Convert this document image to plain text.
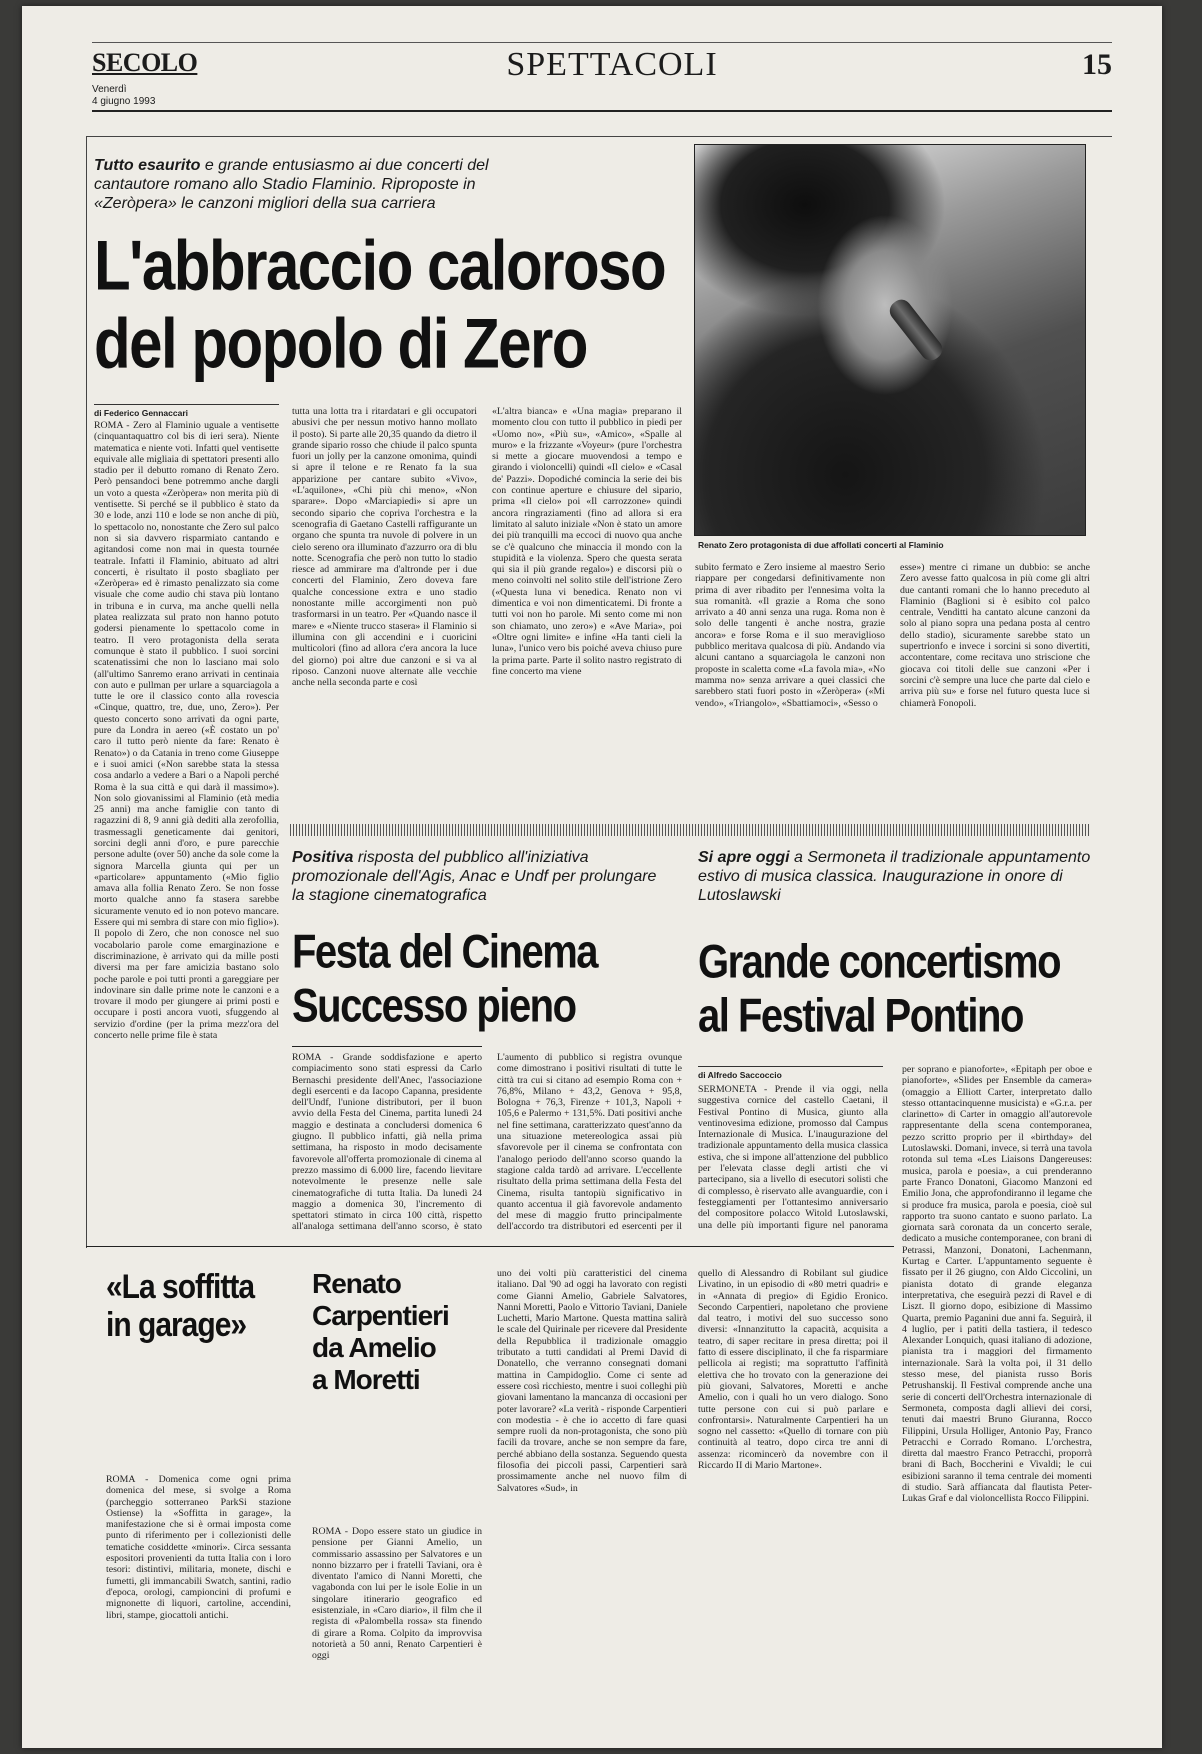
SECOLO
Venerdì
4 giugno 1993
SPETTACOLI	15
Tutto esaurito e grande entusiasmo ai due concerti del cantautore romano allo Stadio Flaminio. Riproposte in «Zeròpera» le canzoni migliori della sua carriera
L'abbraccio caloroso
del popolo di Zero
Renato Zero protagonista di due affollati concerti al Flaminio
di Federico Gennaccari
ROMA - Zero al Flaminio uguale a ventisette (cinquantaquattro col bis di ieri sera). Niente matematica e niente voti. Infatti quel ventisette equivale alle migliaia di spettatori presenti allo stadio per il debutto romano di Renato Zero. Però pensandoci bene potremmo anche dargli un voto a questa «Zeròpera» non merita più di ventisette. Si perché se il pubblico è stato da 30 e lode, anzi 110 e lode se non anche di più, lo spettacolo no, nonostante che Zero sul palco non si sia davvero risparmiato cantando e agitandosi come non mai in questa tournée teatrale. Infatti il Flaminio, abituato ad altri concerti, è risultato il posto sbagliato per «Zeròpera» ed è rimasto penalizzato sia come visuale che come audio chi stava più lontano in tribuna e in curva, ma anche quelli nella platea realizzata sul prato non hanno potuto godersi pienamente lo spettacolo come in teatro. Il vero protagonista della serata comunque è stato il pubblico. I suoi sorcini scatenatissimi che non lo lasciano mai solo (all'ultimo Sanremo erano arrivati in centinaia con auto e pullman per urlare a squarciagola a tutte le ore il classico conto alla rovescia «Cinque, quattro, tre, due, uno, Zero»). Per questo concerto sono arrivati da ogni parte, pure da Londra in aereo («È costato un po' caro il tutto però niente da fare: Renato è Renato») o da Catania in treno come Giuseppe e i suoi amici («Non sarebbe stata la stessa cosa andarlo a vedere a Bari o a Napoli perché Roma è la sua città e qui darà il massimo»). Non solo giovanissimi al Flaminio (età media 25 anni) ma anche famiglie con tanto di ragazzini di 8, 9 anni già dediti alla zerofollia, trasmessagli geneticamente dai genitori, sorcini degli anni d'oro, e pure parecchie persone adulte (over 50) anche da sole come la signora Marcella giunta qui per un «particolare» appuntamento («Mio figlio amava alla follia Renato Zero. Se non fosse morto qualche anno fa stasera sarebbe sicuramente venuto ed io non potevo mancare. Essere qui mi sembra di stare con mio figlio»). Il popolo di Zero, che non conosce nel suo vocabolario parole come emarginazione e discriminazione, è arrivato qui da mille posti diversi ma per fare amicizia bastano solo poche parole e poi tutti pronti a gareggiare per indovinare sin dalle prime note le canzoni e a trovare il modo per giungere ai primi posti e occupare i posti ancora vuoti, sfuggendo al servizio d'ordine (per la prima mezz'ora del concerto nelle prime file è stata
tutta una lotta tra i ritardatari e gli occupatori abusivi che per nessun motivo hanno mollato il posto). Si parte alle 20,35 quando da dietro il grande sipario rosso che chiude il palco spunta fuori un jolly per la canzone omonima, quindi si apre il telone e re Renato fa la sua apparizione per cantare subito «Vivo», «L'aquilone», «Chi più chi meno», «Non sparare». Dopo «Marciapiedi» si apre un secondo sipario che copriva l'orchestra e la scenografia di Gaetano Castelli raffigurante un organo che spunta tra nuvole di polvere in un cielo sereno ora illuminato d'azzurro ora di blu notte. Scenografia che però non tutto lo stadio riesce ad ammirare ma d'altronde per i due concerti del Flaminio, Zero doveva fare qualche concessione extra e uno stadio nonostante mille accorgimenti non può trasformarsi in un teatro. Per «Quando nasce il mare» e «Niente trucco stasera» il Flaminio si illumina con gli accendini e i cuoricini multicolori (fino ad allora c'era ancora la luce del giorno) poi altre due canzoni e si va al riposo. Canzoni nuove alternate alle vecchie anche nella seconda parte e così
«L'altra bianca» e «Una magia» preparano il momento clou con tutto il pubblico in piedi per «Uomo no», «Più su», «Amico», «Spalle al muro» e la frizzante «Voyeur» (pure l'orchestra si mette a giocare muovendosi a tempo e girando i violoncelli) quindi «Il cielo» e «Casal de' Pazzi». Dopodiché comincia la serie dei bis con continue aperture e chiusure del sipario, prima «Il cielo» poi «Il carrozzone» quindi ancora ringraziamenti (fino ad allora si era limitato al saluto iniziale «Non è stato un amore dei più tranquilli ma eccoci di nuovo qua anche se c'è qualcuno che minaccia il mondo con la stupidità e la violenza. Spero che questa serata qui sia il più grande regalo») e discorsi più o meno coinvolti nel solito stile dell'istrione Zero («Questa luna vi benedica. Renato non vi dimentica e voi non dimenticatemi. Di fronte a tutti voi non ho parole. Mi sento come mi non son chiamato, uno zero») e «Ave Maria», poi «Oltre ogni limite» e infine «Ha tanti cieli la luna», l'unico vero bis poiché aveva chiuso pure la prima parte. Parte il solito nastro registrato di fine concerto ma viene
subito fermato e Zero insieme al maestro Serio riappare per congedarsi definitivamente non prima di aver ribadito per l'ennesima volta la sua romanità. «Il grazie a Roma che sono arrivato a 40 anni senza una ruga. Roma non è solo delle tangenti è anche nostra, grazie ancora» e forse Roma e il suo meraviglioso pubblico meritava qualcosa di più. Andando via alcuni cantano a squarciagola le canzoni non proposte in scaletta come «La favola mia», «No mamma no» senza arrivare a quei classici che sarebbero stati fuori posto in «Zeròpera» («Mi vendo», «Triangolo», «Sbattiamoci», «Sesso o
esse») mentre ci rimane un dubbio: se anche Zero avesse fatto qualcosa in più come gli altri due cantanti romani che lo hanno preceduto al Flaminio (Baglioni si è esibito col palco centrale, Venditti ha cantato alcune canzoni da solo al piano sopra una pedana posta al centro dello stadio), sicuramente sarebbe stato un supertrionfo e invece i sorcini si sono divertiti, accontentare, come recitava uno striscione che giocava coi titoli delle sue canzoni «Per i sorcini c'è sempre una luce che parte dal cielo e arriva più su» e forse nel futuro questa luce si chiamerà Fonopoli.
Positiva risposta del pubblico all'iniziativa promozionale dell'Agis, Anac e Undf per prolungare la stagione cinematografica
Festa del Cinema
Successo pieno
ROMA - Grande soddisfazione e aperto compiacimento sono stati espressi da Carlo Bernaschi presidente dell'Anec, l'associazione degli esercenti e da Iacopo Capanna, presidente dell'Undf, l'unione distributori, per il buon avvio della Festa del Cinema, partita lunedì 24 maggio e destinata a concludersi domenica 6 giugno. Il pubblico infatti, già nella prima settimana, ha risposto in modo decisamente favorevole all'offerta promozionale di cinema al prezzo massimo di 6.000 lire, facendo lievitare notevolmente le presenze nelle sale cinematografiche di tutta Italia. Da lunedì 24 maggio a domenica 30, l'incremento di spettatori stimato in circa 100 città, rispetto all'analoga settimana dell'anno scorso, è stato
L'aumento di pubblico si registra ovunque come dimostrano i positivi risultati di tutte le città tra cui si citano ad esempio Roma con + 76,8%, Milano + 43,2, Genova + 95,8, Bologna + 76,3, Firenze + 101,3, Napoli + 105,6 e Palermo + 131,5%. Dati positivi anche nel fine settimana, caratterizzato quest'anno da una situazione metereologica assai più sfavorevole per il cinema se confrontata con l'analogo periodo dell'anno scorso quando la stagione calda tardò ad arrivare. L'eccellente risultato della prima settimana della Festa del Cinema, risulta tantopiù significativo in quanto accentua il già favorevole andamento del mese di maggio frutto principalmente dell'accordo tra distributori ed esercenti per il
Si apre oggi a Sermoneta il tradizionale appuntamento estivo di musica classica. Inaugurazione in onore di Lutoslawski
Grande concertismo
al Festival Pontino
di Alfredo Saccoccio
SERMONETA - Prende il via oggi, nella suggestiva cornice del castello Caetani, il Festival Pontino di Musica, giunto alla ventinovesima edizione, promosso dal Campus Internazionale di Musica. L'inaugurazione del tradizionale appuntamento della musica classica estiva, che si impone all'attenzione del pubblico per l'elevata classe degli artisti che vi partecipano, sia a livello di esecutori solisti che di complesso, è riservato alle avanguardie, con i festeggiamenti per l'ottantesimo anniversario del compositore polacco Witold Lutoslawski, una delle più importanti figure nel panorama
per soprano e pianoforte», «Epitaph per oboe e pianoforte», «Slides per Ensemble da camera» (omaggio a Elliott Carter, interpretato dallo stesso ottantacinquenne musicista) e «G.r.a. per clarinetto» di Carter in omaggio all'autorevole rappresentante della scena contemporanea, pezzo scritto proprio per il «birthday» del Lutoslawski. Domani, invece, si terrà una tavola rotonda sul tema «Les Liaisons Dangereuses: musica, parola e poesia», a cui prenderanno parte Franco Donatoni, Giacomo Manzoni ed Emilio Jona, che approfondiranno il legame che si produce fra musica, parola e poesia, cioè sul rapporto tra suono cantato e suono parlato. La giornata sarà coronata da un concerto serale, dedicato a musiche contemporanee, con brani di Petrassi, Manzoni, Donatoni, Lachenmann, Kurtag e Carter. L'appuntamento seguente è fissato per il 26 giugno, con Aldo Ciccolini, un pianista dotato di grande eleganza interpretativa, che eseguirà pezzi di Ravel e di Liszt. Il giorno dopo, esibizione di Massimo Quarta, premio Paganini due anni fa. Seguirà, il 4 luglio, per i patiti della tastiera, il tedesco Alexander Lonquich, quasi italiano di adozione, pianista tra i maggiori del firmamento internazionale. Sarà la volta poi, il 31 dello stesso mese, del pianista russo Boris Petrushanskij. Il Festival comprende anche una serie di concerti dell'Orchestra internazionale di Sermoneta, composta dagli allievi dei corsi, tenuti dai maestri Bruno Giuranna, Rocco Filippini, Ursula Holliger, Antonio Pay, Franco Petracchi e Corrado Romano. L'orchestra, diretta dal maestro Franco Petracchi, proporrà brani di Bach, Boccherini e Vivaldi; le cui esibizioni saranno il tema centrale dei momenti di studio. Sarà affiancata dal flautista Peter-Lukas Graf e dal violoncellista Rocco Filippini.
«La soffitta
in garage»
ROMA - Domenica come ogni prima domenica del mese, si svolge a Roma (parcheggio sotterraneo ParkSi stazione Ostiense) la «Soffitta in garage», la manifestazione che si è ormai imposta come punto di riferimento per i collezionisti delle tematiche cosiddette «minori». Circa sessanta espositori provenienti da tutta Italia con i loro tesori: distintivi, militaria, monete, dischi e fumetti, gli immancabili Swatch, santini, radio d'epoca, orologi, campioncini di profumi e mignonette di liquori, cartoline, accendini, libri, stampe, giocattoli antichi.
Renato
Carpentieri
da Amelio
a Moretti
ROMA - Dopo essere stato un giudice in pensione per Gianni Amelio, un commissario assassino per Salvatores e un nonno bizzarro per i fratelli Taviani, ora è diventato l'amico di Nanni Moretti, che vagabonda con lui per le isole Eolie in un singolare itinerario geografico ed esistenziale, in «Caro diario», il film che il regista di «Palombella rossa» sta finendo di girare a Roma. Colpito da improvvisa notorietà a 50 anni, Renato Carpentieri è oggi
uno dei volti più caratteristici del cinema italiano. Dal '90 ad oggi ha lavorato con registi come Gianni Amelio, Gabriele Salvatores, Nanni Moretti, Paolo e Vittorio Taviani, Daniele Luchetti, Mario Martone. Questa mattina salirà le scale del Quirinale per ricevere dal Presidente della Repubblica il tradizionale omaggio tributato a tutti candidati al Premi David di Donatello, che verranno consegnati domani mattina in Campidoglio. Come ci sente ad essere così ricchiesto, mentre i suoi colleghi più giovani lamentano la mancanza di occasioni per poter lavorare? «La verità - risponde Carpentieri con modestia - è che io accetto di fare quasi sempre ruoli da non-protagonista, che sono più facili da trovare, anche se non sempre da fare, perché abbiano della sostanza. Seguendo questa filosofia dei piccoli passi, Carpentieri sarà prossimamente anche nel nuovo film di Salvatores «Sud», in
quello di Alessandro di Robilant sul giudice Livatino, in un episodio di «80 metri quadri» e in «Annata di pregio» di Egidio Eronico. Secondo Carpentieri, napoletano che proviene dal teatro, i motivi del suo successo sono diversi: «Innanzitutto la capacità, acquisita a teatro, di saper recitare in presa diretta; poi il fatto di essere disciplinato, il che fa risparmiare pellicola ai registi; ma soprattutto l'affinità elettiva che ho trovato con la generazione dei più giovani, Salvatores, Moretti e anche Amelio, con i quali ho un vero dialogo. Sono tutte persone con cui si può parlare e confrontarsi». Naturalmente Carpentieri ha un sogno nel cassetto: «Quello di tornare con più continuità al teatro, dopo circa tre anni di assenza: ricomincerò da novembre con il Riccardo II di Mario Martone».
